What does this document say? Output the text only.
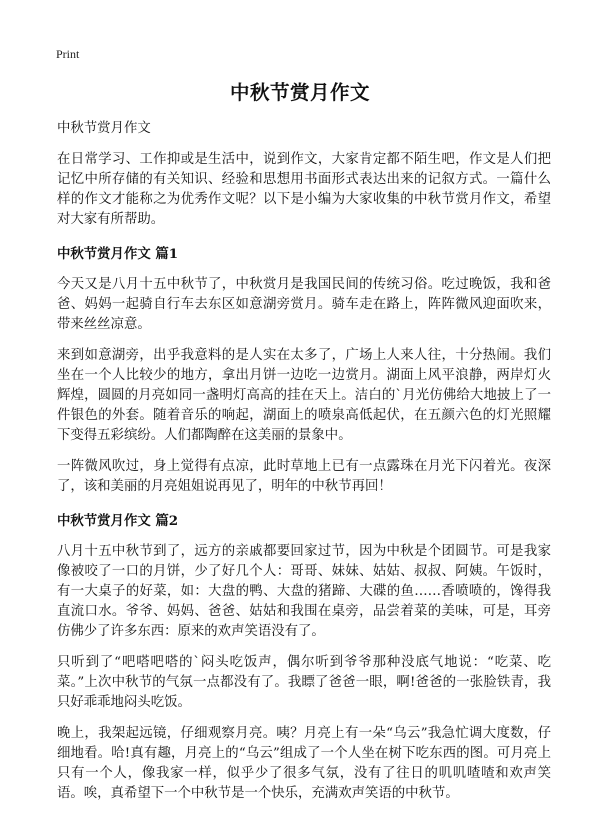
Print
中秋节赏月作文

中秋节赏月作文

在日常学习、工作抑或是生活中，说到作文，大家肯定都不陌生吧，作文是人们把记忆中所存储的有关知识、经验和思想用书面形式表达出来的记叙方式。一篇什么样的作文才能称之为优秀作文呢？以下是小编为大家收集的中秋节赏月作文，希望对大家有所帮助。

中秋节赏月作文 篇1

今天又是八月十五中秋节了，中秋赏月是我国民间的传统习俗。吃过晚饭，我和爸爸、妈妈一起骑自行车去东区如意湖旁赏月。骑车走在路上，阵阵微风迎面吹来，带来丝丝凉意。

来到如意湖旁，出乎我意料的是人实在太多了，广场上人来人往，十分热闹。我们坐在一个人比较少的地方，拿出月饼一边吃一边赏月。湖面上风平浪静，两岸灯火辉煌，圆圆的月亮如同一盏明灯高高的挂在天上。洁白的`月光仿佛给大地披上了一件银色的外套。随着音乐的响起，湖面上的喷泉高低起伏，在五颜六色的灯光照耀下变得五彩缤纷。人们都陶醉在这美丽的景象中。

一阵微风吹过，身上觉得有点凉，此时草地上已有一点露珠在月光下闪着光。夜深了，该和美丽的月亮姐姐说再见了，明年的中秋节再回！

中秋节赏月作文 篇2

八月十五中秋节到了，远方的亲戚都要回家过节，因为中秋是个团圆节。可是我家像被咬了一口的月饼，少了好几个人：哥哥、妹妹、姑姑、叔叔、阿姨。午饭时，有一大桌子的好菜，如：大盘的鸭、大盘的猪蹄、大碟的鱼……香喷喷的，馋得我直流口水。爷爷、妈妈、爸爸、姑姑和我围在桌旁，品尝着菜的美味，可是，耳旁仿佛少了许多东西：原来的欢声笑语没有了。

只听到了“吧嗒吧嗒的`闷头吃饭声，偶尔听到爷爷那种没底气地说：“吃菜、吃菜。”上次中秋节的气氛一点都没有了。我瞟了爸爸一眼，啊!爸爸的一张脸铁青，我只好乖乖地闷头吃饭。

晚上，我架起远镜，仔细观察月亮。咦？月亮上有一朵“乌云”我急忙调大度数，仔细地看。哈!真有趣，月亮上的“乌云”组成了一个人坐在树下吃东西的图。可月亮上只有一个人，像我家一样，似乎少了很多气氛，没有了往日的叽叽喳喳和欢声笑语。唉，真希望下一个中秋节是一个快乐，充满欢声笑语的中秋节。
